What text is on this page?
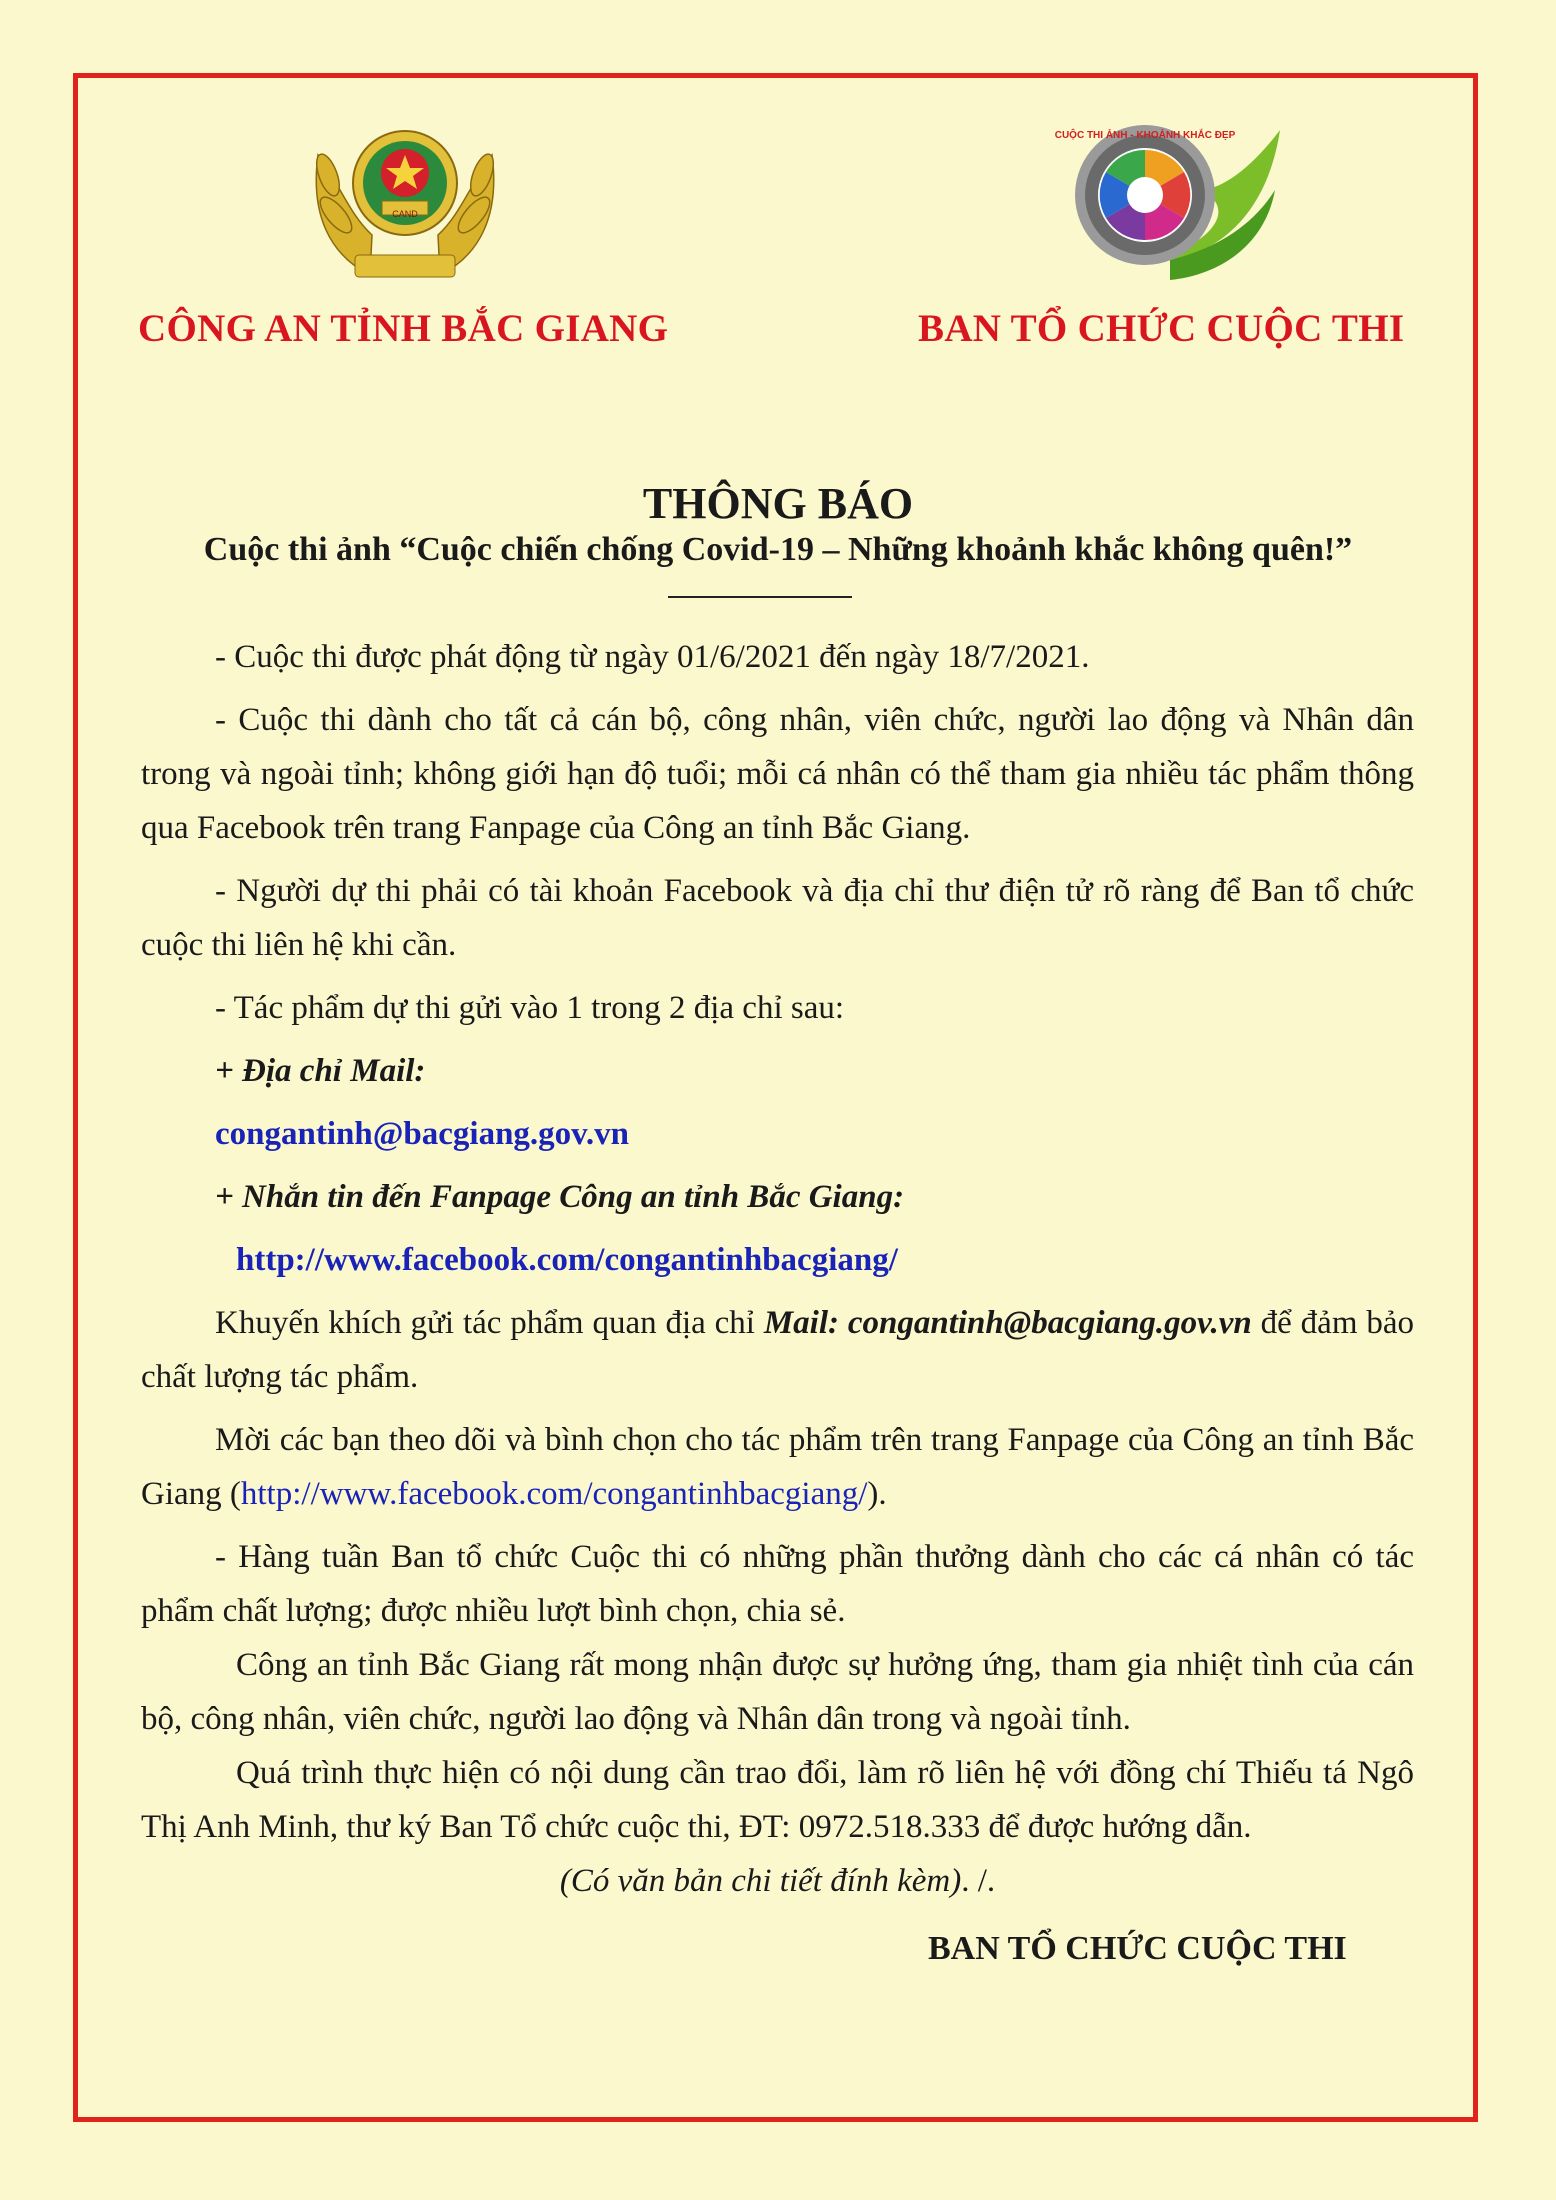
CAND
CUỘC THI ẢNH - KHOẢNH KHẮC ĐẸP

CÔNG AN TỈNH BẮC GIANG	BAN TỔ CHỨC CUỘC THI

THÔNG BÁO

Cuộc thi ảnh “Cuộc chiến chống Covid-19 – Những khoảnh khắc không quên!”

- Cuộc thi được phát động từ ngày 01/6/2021 đến ngày 18/7/2021.

- Cuộc thi dành cho tất cả cán bộ, công nhân, viên chức, người lao động và Nhân dân trong và ngoài tỉnh; không giới hạn độ tuổi; mỗi cá nhân có thể tham gia nhiều tác phẩm thông qua Facebook trên trang Fanpage của Công an tỉnh Bắc Giang.

- Người dự thi phải có tài khoản Facebook và địa chỉ thư điện tử rõ ràng để Ban tổ chức cuộc thi liên hệ khi cần.

- Tác phẩm dự thi gửi vào 1 trong 2 địa chỉ sau:

+ Địa chỉ Mail:

congantinh@bacgiang.gov.vn

+ Nhắn tin đến Fanpage Công an tỉnh Bắc Giang:

http://www.facebook.com/congantinhbacgiang/

Khuyến khích gửi tác phẩm quan địa chỉ Mail: congantinh@bacgiang.gov.vn để đảm bảo chất lượng tác phẩm.

Mời các bạn theo dõi và bình chọn cho tác phẩm trên trang Fanpage của Công an tỉnh Bắc Giang (http://www.facebook.com/congantinhbacgiang/).

- Hàng tuần Ban tổ chức Cuộc thi có những phần thưởng dành cho các cá nhân có tác phẩm chất lượng; được nhiều lượt bình chọn, chia sẻ.

Công an tỉnh Bắc Giang rất mong nhận được sự hưởng ứng, tham gia nhiệt tình của cán bộ, công nhân, viên chức, người lao động và Nhân dân trong và ngoài tỉnh.

Quá trình thực hiện có nội dung cần trao đổi, làm rõ liên hệ với đồng chí Thiếu tá Ngô Thị Anh Minh, thư ký Ban Tổ chức cuộc thi, ĐT: 0972.518.333 để được hướng dẫn.

(Có văn bản chi tiết đính kèm). /.

BAN TỔ CHỨC CUỘC THI
